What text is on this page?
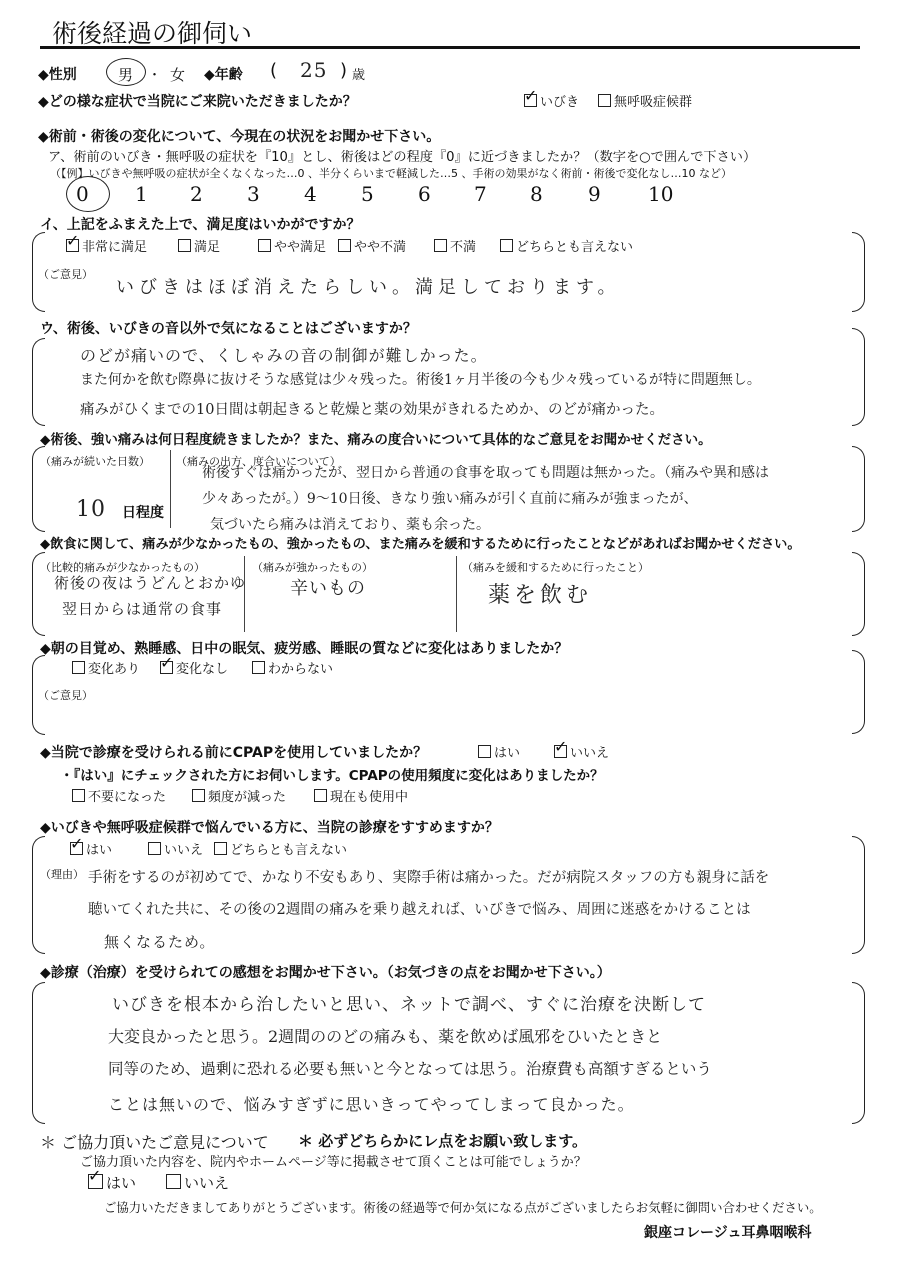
術後経過の御伺い
◆性別	男 ・ 女 ◆年齢 ( 25 ) 歳
◆どの様な症状で当院にご来院いただきましたか？ ✓	いびき	無呼吸症候群
◆術前・術後の変化について、今現在の状況をお聞かせ下さい。
ア、術前のいびき・無呼吸の症状を『10』とし、術後はどの程度『0』に近づきましたか？（数字を○で囲んで下さい）
（【例】いびきや無呼吸の症状が全くなくなった…0 、半分くらいまで軽減した…5 、手術の効果がなく術前・術後で変化なし…10 など）
0 1 2 3 4 5 6 7 8 9 10
イ、上記をふまえた上で、満足度はいかがですか？
✓非常に満足	満足	やや満足	やや不満	不満	どちらとも言えない
（ご意見）
いびきはほぼ消えたらしい。満足しております。
ウ、術後、いびきの音以外で気になることはございますか？
のどが痛いので、くしゃみの音の制御が難しかった。
また何かを飲む際鼻に抜けそうな感覚は少々残った。術後1ヶ月半後の今も少々残っているが特に問題無し。
痛みがひくまでの10日間は朝起きると乾燥と薬の効果がきれるためか、のどが痛かった。
◆術後、強い痛みは何日程度続きましたか？また、痛みの度合いについて具体的なご意見をお聞かせください。
（痛みが続いた日数）
10 日程度
（痛みの出方、度合いについて）
術後すぐは痛かったが、翌日から普通の食事を取っても問題は無かった。（痛みや異和感は
少々あったが。）9〜10日後、きなり強い痛みが引く直前に痛みが強まったが、
気づいたら痛みは消えており、薬も余った。
◆飲食に関して、痛みが少なかったもの、強かったもの、また痛みを緩和するために行ったことなどがあればお聞かせください。
（比較的痛みが少なかったもの）
術後の夜はうどんとおかゆ
翌日からは通常の食事
（痛みが強かったもの）
辛いもの
（痛みを緩和するために行ったこと）
薬を飲む
◆朝の目覚め、熟睡感、日中の眠気、疲労感、睡眠の質などに変化はありましたか？
変化あり ✓	変化なし	わからない
（ご意見）
◆当院で診療を受けられる前にCPAPを使用していましたか？	はい ✓	いいえ
・『はい』にチェックされた方にお伺いします。CPAPの使用頻度に変化はありましたか？
不要になった	頻度が減った	現在も使用中
◆いびきや無呼吸症候群で悩んでいる方に、当院の診療をすすめますか？
✓はい	いいえ	どちらとも言えない
（理由） 手術をするのが初めてで、かなり不安もあり、実際手術は痛かった。だが病院スタッフの方も親身に話を
聴いてくれた共に、その後の2週間の痛みを乗り越えれば、いびきで悩み、周囲に迷惑をかけることは
無くなるため。
◆診療（治療）を受けられての感想をお聞かせ下さい。（お気づきの点をお聞かせ下さい。）
いびきを根本から治したいと思い、ネットで調べ、すぐに治療を決断して
大変良かったと思う。2週間ののどの痛みも、薬を飲めば風邪をひいたときと
同等のため、過剰に恐れる必要も無いと今となっては思う。治療費も高額すぎるという
ことは無いので、悩みすぎずに思いきってやってしまって良かった。
＊ ご協力頂いたご意見について ＊ 必ずどちらかにレ点をお願い致します。
ご協力頂いた内容を、院内やホームページ等に掲載させて頂くことは可能でしょうか？
✓はい	いいえ
ご協力いただきましてありがとうございます。術後の経過等で何か気になる点がございましたらお気軽に御問い合わせください。
銀座コレージュ耳鼻咽喉科
